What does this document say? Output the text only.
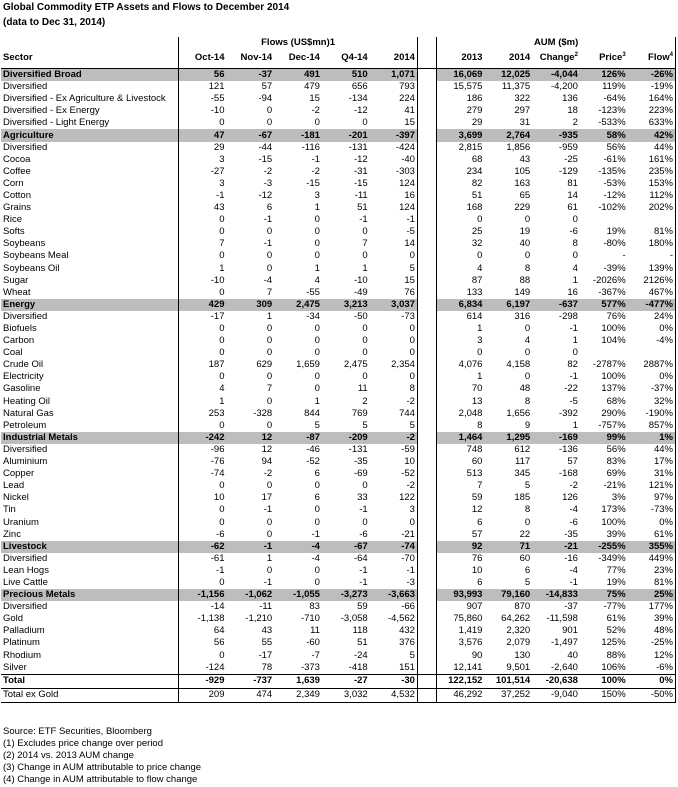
Global Commodity ETP Assets and Flows to December 2014
(data to Dec 31, 2014)
	Flows (US$mn)1						AUM ($m)				
Sector	Oct-14	Nov-14	Dec-14	Q4-14	2014		2013	2014	Change$^2$	Price$^3$	Flow$^4$
Diversified Broad	56	-37	491	510	1,071		16,069	12,025	-4,044	126%	-26%
Diversified	121	57	479	656	793		15,575	11,375	-4,200	119%	-19%
Diversified - Ex Agriculture & Livestock	-55	-94	15	-134	224		186	322	136	-64%	164%
Diversified - Ex Energy	-10	0	-2	-12	41		279	297	18	-123%	223%
Diversified - Light Energy	0	0	0	0	15		29	31	2	-533%	633%
Agriculture	47	-67	-181	-201	-397		3,699	2,764	-935	58%	42%
Diversified	29	-44	-116	-131	-424		2,815	1,856	-959	56%	44%
Cocoa	3	-15	-1	-12	-40		68	43	-25	-61%	161%
Coffee	-27	-2	-2	-31	-303		234	105	-129	-135%	235%
Corn	3	-3	-15	-15	124		82	163	81	-53%	153%
Cotton	-1	-12	3	-11	16		51	65	14	-12%	112%
Grains	43	6	1	51	124		168	229	61	-102%	202%
Rice	0	-1	0	-1	-1		0	0	0		
Softs	0	0	0	0	-5		25	19	-6	19%	81%
Soybeans	7	-1	0	7	14		32	40	8	-80%	180%
Soybeans Meal	0	0	0	0	0		0	0	0	-	-
Soybeans Oil	1	0	1	1	5		4	8	4	-39%	139%
Sugar	-10	-4	4	-10	15		87	88	1	-2026%	2126%
Wheat	0	7	-55	-49	76		133	149	16	-367%	467%
Energy	429	309	2,475	3,213	3,037		6,834	6,197	-637	577%	-477%
Diversified	-17	1	-34	-50	-73		614	316	-298	76%	24%
Biofuels	0	0	0	0	0		1	0	-1	100%	0%
Carbon	0	0	0	0	0		3	4	1	104%	-4%
Coal	0	0	0	0	0		0	0	0		
Crude Oil	187	629	1,659	2,475	2,354		4,076	4,158	82	-2787%	2887%
Electricity	0	0	0	0	0		1	0	-1	100%	0%
Gasoline	4	7	0	11	8		70	48	-22	137%	-37%
Heating Oil	1	0	1	2	-2		13	8	-5	68%	32%
Natural Gas	253	-328	844	769	744		2,048	1,656	-392	290%	-190%
Petroleum	0	0	5	5	5		8	9	1	-757%	857%
Industrial Metals	-242	12	-87	-209	-2		1,464	1,295	-169	99%	1%
Diversified	-96	12	-46	-131	-59		748	612	-136	56%	44%
Aluminium	-76	94	-52	-35	10		60	117	57	83%	17%
Copper	-74	-2	6	-69	-52		513	345	-168	69%	31%
Lead	0	0	0	0	-2		7	5	-2	-21%	121%
Nickel	10	17	6	33	122		59	185	126	3%	97%
Tin	0	-1	0	-1	3		12	8	-4	173%	-73%
Uranium	0	0	0	0	0		6	0	-6	100%	0%
Zinc	-6	0	-1	-6	-21		57	22	-35	39%	61%
Livestock	-62	-1	-4	-67	-74		92	71	-21	-255%	355%
Diversified	-61	1	-4	-64	-70		76	60	-16	-349%	449%
Lean Hogs	-1	0	0	-1	-1		10	6	-4	77%	23%
Live Cattle	0	-1	0	-1	-3		6	5	-1	19%	81%
Precious Metals	-1,156	-1,062	-1,055	-3,273	-3,663		93,993	79,160	-14,833	75%	25%
Diversified	-14	-11	83	59	-66		907	870	-37	-77%	177%
Gold	-1,138	-1,210	-710	-3,058	-4,562		75,860	64,262	-11,598	61%	39%
Palladium	64	43	11	118	432		1,419	2,320	901	52%	48%
Platinum	56	55	-60	51	376		3,576	2,079	-1,497	125%	-25%
Rhodium	0	-17	-7	-24	5		90	130	40	88%	12%
Silver	-124	78	-373	-418	151		12,141	9,501	-2,640	106%	-6%
Total	-929	-737	1,639	-27	-30		122,152	101,514	-20,638	100%	0%
Total ex Gold	209	474	2,349	3,032	4,532		46,292	37,252	-9,040	150%	-50%
Source: ETF Securities, Bloomberg
(1) Excludes price change over period
(2) 2014 vs. 2013 AUM change
(3) Change in AUM attributable to price change
(4) Change in AUM attributable to flow change
